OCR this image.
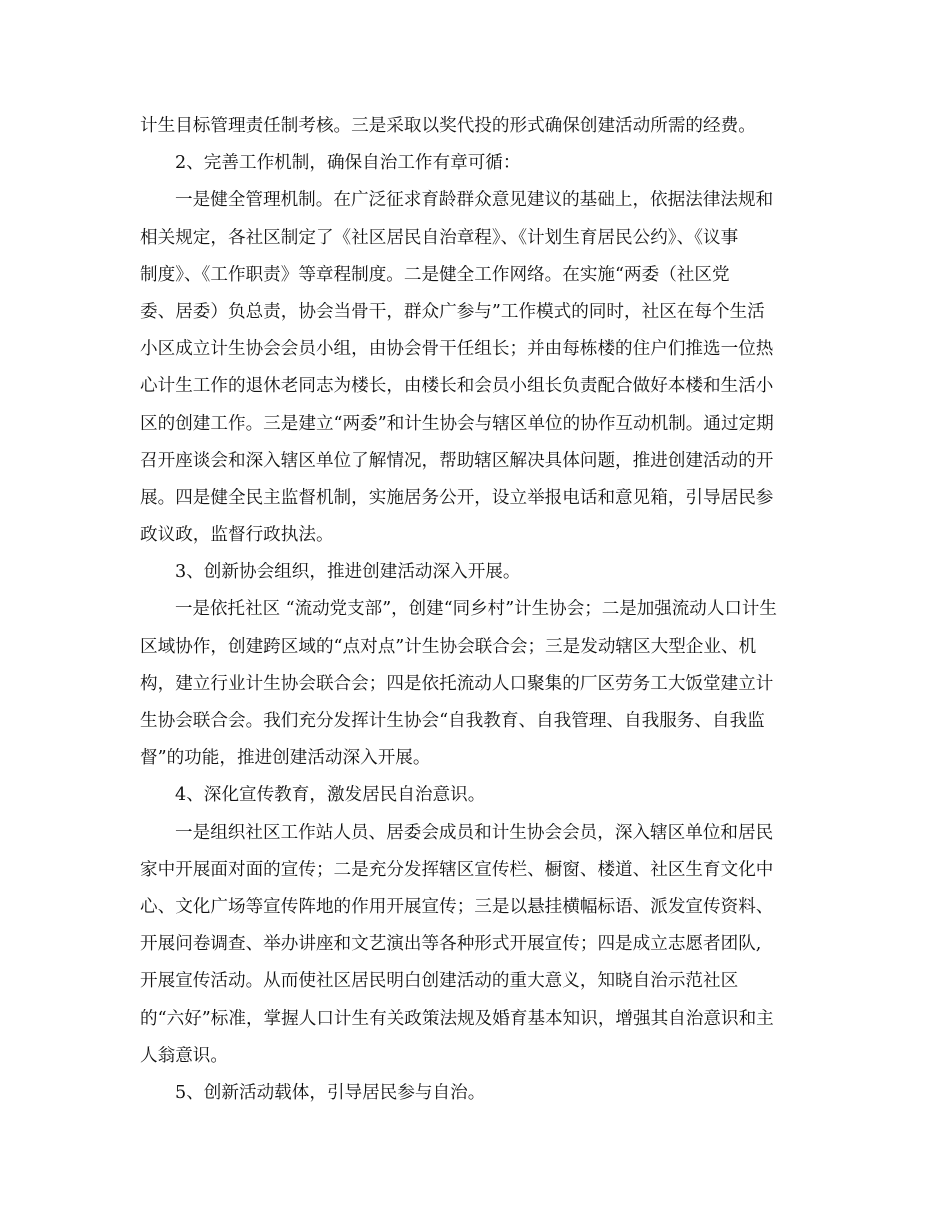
计生目标管理责任制考核。三是采取以奖代投的形式确保创建活动所需的经费。
2、完善工作机制，确保自治工作有章可循：
一是健全管理机制。在广泛征求育龄群众意见建议的基础上，依据法律法规和
相关规定，各社区制定了《社区居民自治章程》、《计划生育居民公约》、《议事
制度》、《工作职责》等章程制度。二是健全工作网络。在实施“两委（社区党
委、居委）负总责，协会当骨干，群众广参与”工作模式的同时，社区在每个生活
小区成立计生协会会员小组，由协会骨干任组长；并由每栋楼的住户们推选一位热
心计生工作的退休老同志为楼长，由楼长和会员小组长负责配合做好本楼和生活小
区的创建工作。三是建立“两委”和计生协会与辖区单位的协作互动机制。通过定期
召开座谈会和深入辖区单位了解情况，帮助辖区解决具体问题，推进创建活动的开
展。四是健全民主监督机制，实施居务公开，设立举报电话和意见箱，引导居民参
政议政，监督行政执法。
3、创新协会组织，推进创建活动深入开展。
一是依托社区 “流动党支部”，创建“同乡村”计生协会；二是加强流动人口计生
区域协作，创建跨区域的“点对点”计生协会联合会；三是发动辖区大型企业、机
构，建立行业计生协会联合会；四是依托流动人口聚集的厂区劳务工大饭堂建立计
生协会联合会。我们充分发挥计生协会“自我教育、自我管理、自我服务、自我监
督”的功能，推进创建活动深入开展。
4、深化宣传教育，激发居民自治意识。
一是组织社区工作站人员、居委会成员和计生协会会员，深入辖区单位和居民
家中开展面对面的宣传；二是充分发挥辖区宣传栏、橱窗、楼道、社区生育文化中
心、文化广场等宣传阵地的作用开展宣传；三是以悬挂横幅标语、派发宣传资料、
开展问卷调查、举办讲座和文艺演出等各种形式开展宣传；四是成立志愿者团队,
开展宣传活动。从而使社区居民明白创建活动的重大意义，知晓自治示范社区
的“六好”标准，掌握人口计生有关政策法规及婚育基本知识，增强其自治意识和主
人翁意识。
5、创新活动载体，引导居民参与自治。
